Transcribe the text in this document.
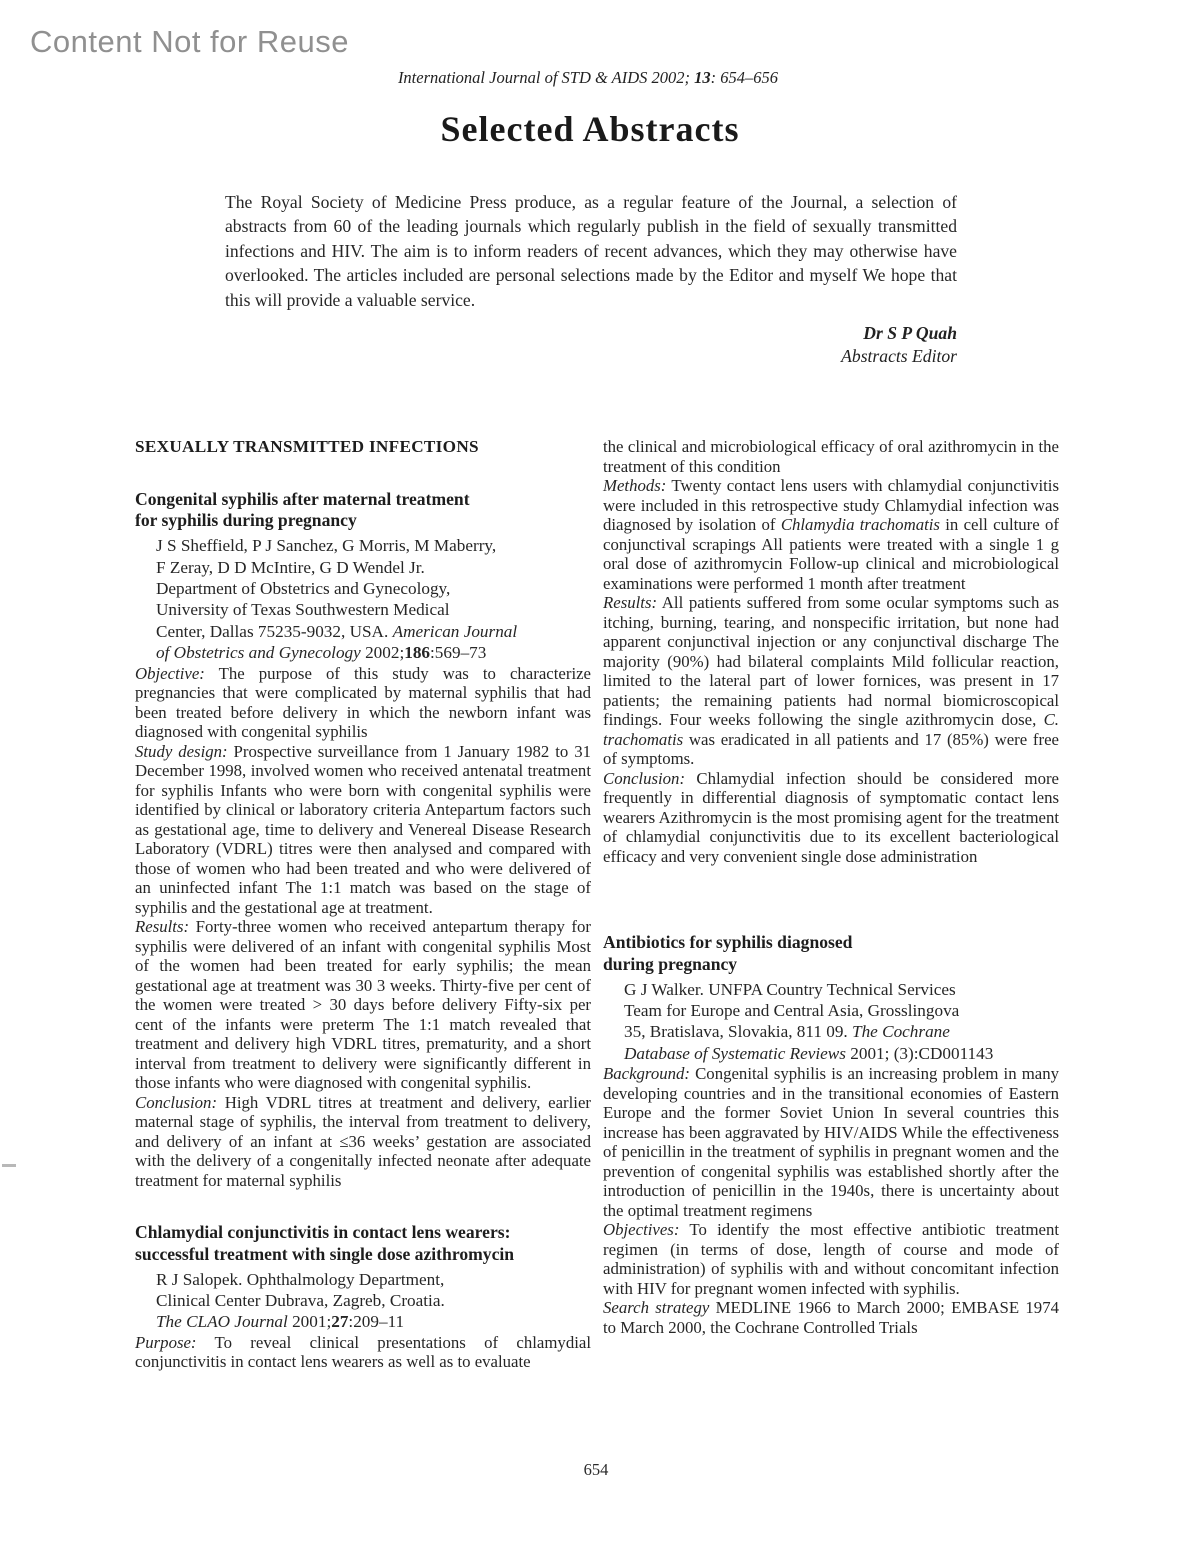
Content Not for Reuse
International Journal of STD & AIDS 2002; 13: 654–656
Selected Abstracts

The Royal Society of Medicine Press produce, as a regular feature of the Journal, a selection of abstracts from 60 of the leading journals which regularly publish in the field of sexually transmitted infections and HIV. The aim is to inform readers of recent advances, which they may otherwise have overlooked. The articles included are personal selections made by the Editor and myself We hope that this will provide a valuable service.

Dr S P Quah
Abstracts Editor
SEXUALLY TRANSMITTED INFECTIONS
Congenital syphilis after maternal treatment
for syphilis during pregnancy
J S Sheffield, P J Sanchez, G Morris, M Maberry,
F Zeray, D D McIntire, G D Wendel Jr.
Department of Obstetrics and Gynecology,
University of Texas Southwestern Medical
Center, Dallas 75235-9032, USA. American Journal
of Obstetrics and Gynecology 2002;186:569–73
Objective: The purpose of this study was to characterize pregnancies that were complicated by maternal syphilis that had been treated before delivery in which the newborn infant was diagnosed with congenital syphilis
Study design: Prospective surveillance from 1 January 1982 to 31 December 1998, involved women who received antenatal treatment for syphilis Infants who were born with congenital syphilis were identified by clinical or laboratory criteria Antepartum factors such as gestational age, time to delivery and Venereal Disease Research Laboratory (VDRL) titres were then analysed and compared with those of women who had been treated and who were delivered of an uninfected infant The 1:1 match was based on the stage of syphilis and the gestational age at treatment.
Results: Forty-three women who received antepartum therapy for syphilis were delivered of an infant with congenital syphilis Most of the women had been treated for early syphilis; the mean gestational age at treatment was 30 3 weeks. Thirty-five per cent of the women were treated > 30 days before delivery Fifty-six per cent of the infants were preterm The 1:1 match revealed that treatment and delivery high VDRL titres, prematurity, and a short interval from treatment to delivery were significantly different in those infants who were diagnosed with congenital syphilis.
Conclusion: High VDRL titres at treatment and delivery, earlier maternal stage of syphilis, the interval from treatment to delivery, and delivery of an infant at ≤36 weeks’ gestation are associated with the delivery of a congenitally infected neonate after adequate treatment for maternal syphilis
Chlamydial conjunctivitis in contact lens wearers:
successful treatment with single dose azithromycin
R J Salopek. Ophthalmology Department,
Clinical Center Dubrava, Zagreb, Croatia.
The CLAO Journal 2001;27:209–11
Purpose: To reveal clinical presentations of chlamydial conjunctivitis in contact lens wearers as well as to evaluate
the clinical and microbiological efficacy of oral azithromycin in the treatment of this condition
Methods: Twenty contact lens users with chlamydial conjunctivitis were included in this retrospective study Chlamydial infection was diagnosed by isolation of Chlamydia trachomatis in cell culture of conjunctival scrapings All patients were treated with a single 1 g oral dose of azithromycin Follow-up clinical and microbiological examinations were performed 1 month after treatment
Results: All patients suffered from some ocular symptoms such as itching, burning, tearing, and nonspecific irritation, but none had apparent conjunctival injection or any conjunctival discharge The majority (90%) had bilateral complaints Mild follicular reaction, limited to the lateral part of lower fornices, was present in 17 patients; the remaining patients had normal biomicroscopical findings. Four weeks following the single azithromycin dose, C. trachomatis was eradicated in all patients and 17 (85%) were free of symptoms.
Conclusion: Chlamydial infection should be considered more frequently in differential diagnosis of symptomatic contact lens wearers Azithromycin is the most promising agent for the treatment of chlamydial conjunctivitis due to its excellent bacteriological efficacy and very convenient single dose administration
Antibiotics for syphilis diagnosed
during pregnancy
G J Walker. UNFPA Country Technical Services
Team for Europe and Central Asia, Grosslingova
35, Bratislava, Slovakia, 811 09. The Cochrane
Database of Systematic Reviews 2001; (3):CD001143
Background: Congenital syphilis is an increasing problem in many developing countries and in the transitional economies of Eastern Europe and the former Soviet Union In several countries this increase has been aggravated by HIV/AIDS While the effectiveness of penicillin in the treatment of syphilis in pregnant women and the prevention of congenital syphilis was established shortly after the introduction of penicillin in the 1940s, there is uncertainty about the optimal treatment regimens
Objectives: To identify the most effective antibiotic treatment regimen (in terms of dose, length of course and mode of administration) of syphilis with and without concomitant infection with HIV for pregnant women infected with syphilis.
Search strategy MEDLINE 1966 to March 2000; EMBASE 1974 to March 2000, the Cochrane Controlled Trials
654
